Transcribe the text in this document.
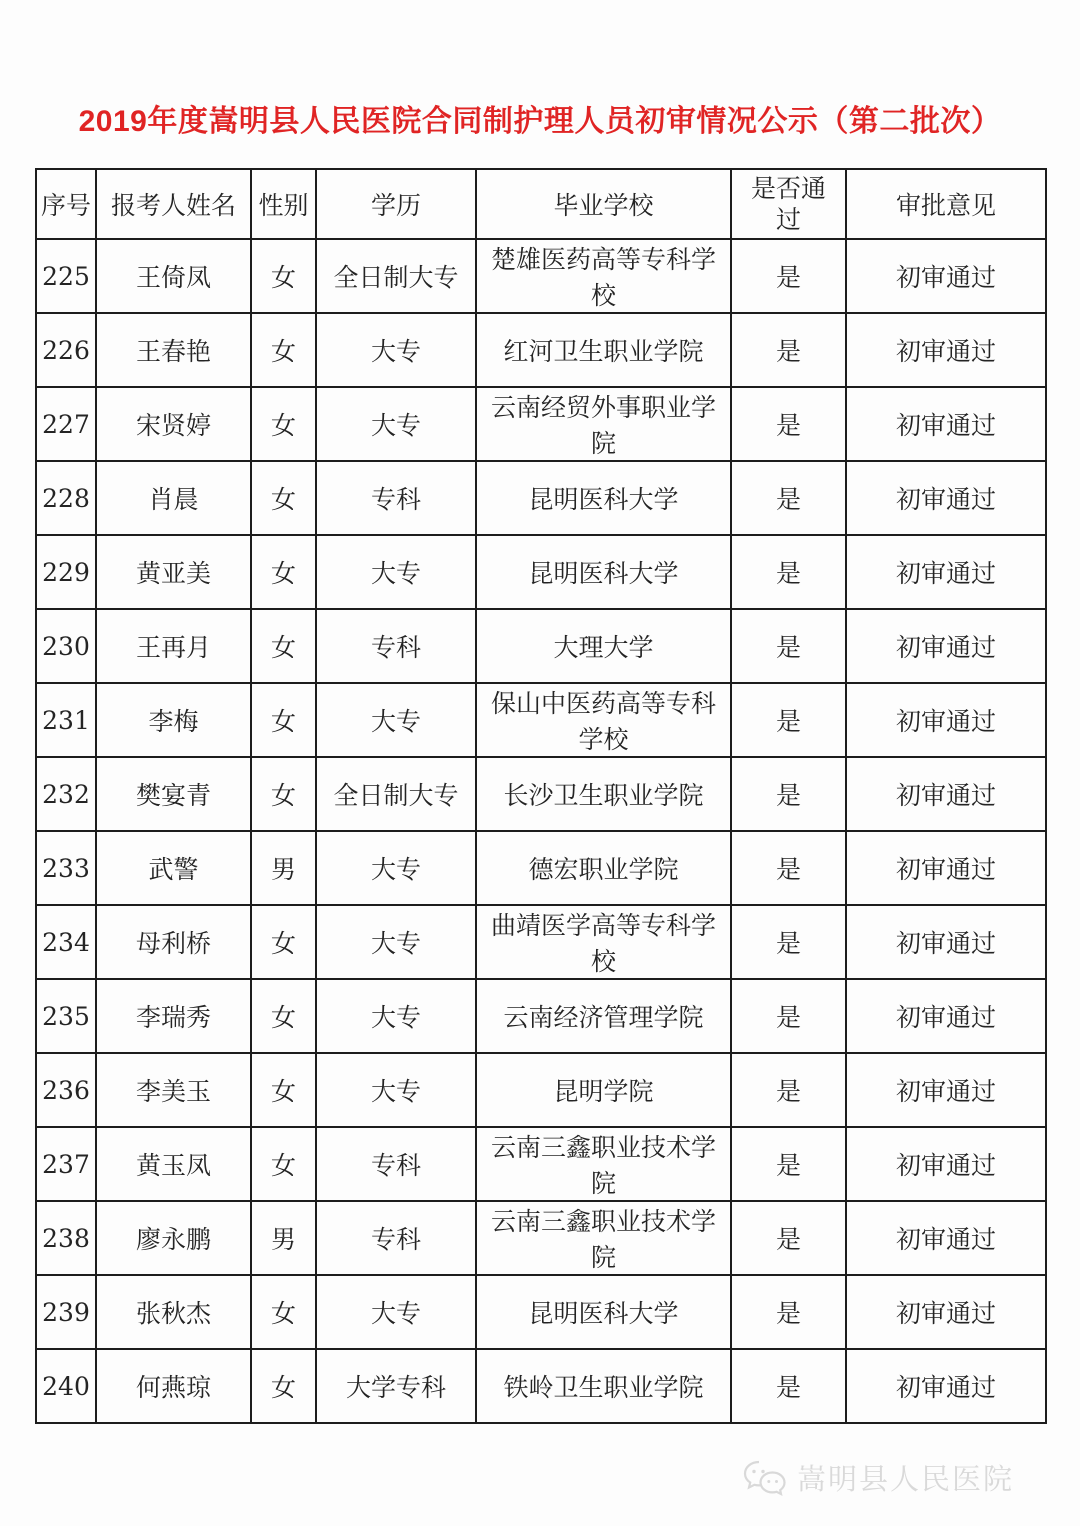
2019年度嵩明县人民医院合同制护理人员初审情况公示（第二批次）
序号	报考人姓名	性别	学历	毕业学校	是否通过	审批意见
225	王倚凤	女	全日制大专	楚雄医药高等专科学校	是	初审通过
226	王春艳	女	大专	红河卫生职业学院	是	初审通过
227	宋贤婷	女	大专	云南经贸外事职业学院	是	初审通过
228	肖晨	女	专科	昆明医科大学	是	初审通过
229	黄亚美	女	大专	昆明医科大学	是	初审通过
230	王再月	女	专科	大理大学	是	初审通过
231	李梅	女	大专	保山中医药高等专科学校	是	初审通过
232	樊宴青	女	全日制大专	长沙卫生职业学院	是	初审通过
233	武警	男	大专	德宏职业学院	是	初审通过
234	母利桥	女	大专	曲靖医学高等专科学校	是	初审通过
235	李瑞秀	女	大专	云南经济管理学院	是	初审通过
236	李美玉	女	大专	昆明学院	是	初审通过
237	黄玉凤	女	专科	云南三鑫职业技术学院	是	初审通过
238	廖永鹏	男	专科	云南三鑫职业技术学院	是	初审通过
239	张秋杰	女	大专	昆明医科大学	是	初审通过
240	何燕琼	女	大学专科	铁岭卫生职业学院	是	初审通过
嵩明县人民医院
